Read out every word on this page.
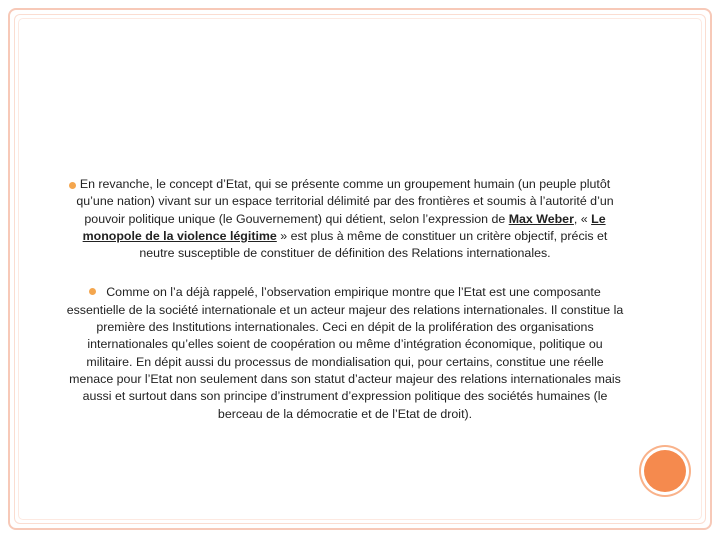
En revanche, le concept d’Etat, qui se présente comme un groupement humain (un peuple plutôt qu’une nation) vivant sur un espace territorial délimité par des frontières et soumis à l’autorité d’un pouvoir politique unique (le Gouvernement) qui détient, selon l’expression de Max Weber, « Le monopole de la violence légitime » est plus à même de constituer un critère objectif, précis et neutre susceptible de constituer de définition des Relations internationales.

Comme on l’a déjà rappelé, l’observation empirique montre que l’Etat est une composante essentielle de la société internationale et un acteur majeur des relations internationales. Il constitue la première des Institutions internationales. Ceci en dépit de la prolifération des organisations internationales qu’elles soient de coopération ou même d’intégration économique, politique ou militaire. En dépit aussi du processus de mondialisation qui, pour certains, constitue une réelle menace pour l’Etat non seulement dans son statut d’acteur majeur des relations internationales mais aussi et surtout dans son principe d’instrument d’expression politique des sociétés humaines (le berceau de la démocratie et de l’Etat de droit).
